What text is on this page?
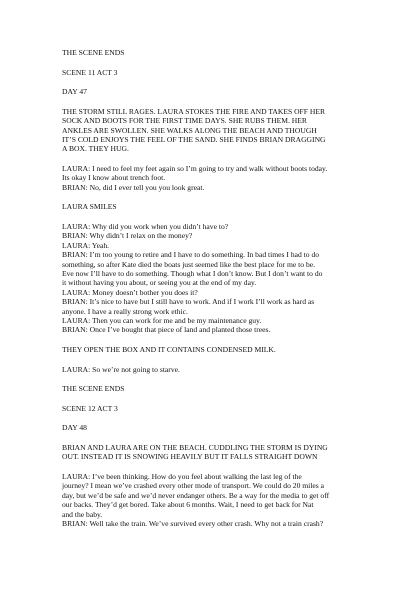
THE SCENE ENDS
SCENE 11 ACT 3
DAY 47
THE STORM STILL RAGES. LAURA STOKES THE FIRE AND TAKES OFF HER
SOCK AND BOOTS FOR THE FIRST TIME DAYS. SHE RUBS THEM. HER
ANKLES ARE SWOLLEN. SHE WALKS ALONG THE BEACH AND THOUGH
IT’S COLD ENJOYS THE FEEL OF THE SAND. SHE FINDS BRIAN DRAGGING
A BOX. THEY HUG.
LAURA: I need to feel my feet again so I’m going to try and walk without boots today.
Its okay I know about trench foot.
BRIAN: No, did I ever tell you you look great.
LAURA SMILES
LAURA: Why did you work when you didn’t have to?
BRIAN: Why didn’t I relax on the money?
LAURA: Yeah.
BRIAN: I’m too young to retire and I have to do something. In bad times I had to do
something, so after Kate died the boats just seemed like the best place for me to be.
Eve now I’ll have to do something. Though what I don’t know. But I don’t want to do
it without having you about, or seeing you at the end of my day.
LAURA: Money doesn’t bother you does it?
BRIAN: It’s nice to have but I still have to work. And if I work I’ll work as hard as
anyone. I have a really strong work ethic.
LAURA: Then you can work for me and be my maintenance guy.
BRIAN: Once I’ve bought that piece of land and planted those trees.
THEY OPEN THE BOX AND IT CONTAINS CONDENSED MILK.
LAURA: So we’re not going to starve.
THE SCENE ENDS
SCENE 12 ACT 3
DAY 48
BRIAN AND LAURA ARE ON THE BEACH. CUDDLING THE STORM IS DYING
OUT. INSTEAD IT IS SNOWING HEAVILY BUT IT FALLS STRAIGHT DOWN
LAURA: I’ve been thinking. How do you feel about walking the last leg of the
journey? I mean we’ve crashed every other mode of transport. We could do 20 miles a
day, but we’d be safe and we’d never endanger others. Be a way for the media to get off
our backs. They’d get bored. Take about 6 months. Wait, I need to get back for Nat
and the baby.
BRIAN: Well take the train. We’ve survived every other crash. Why not a train crash?
